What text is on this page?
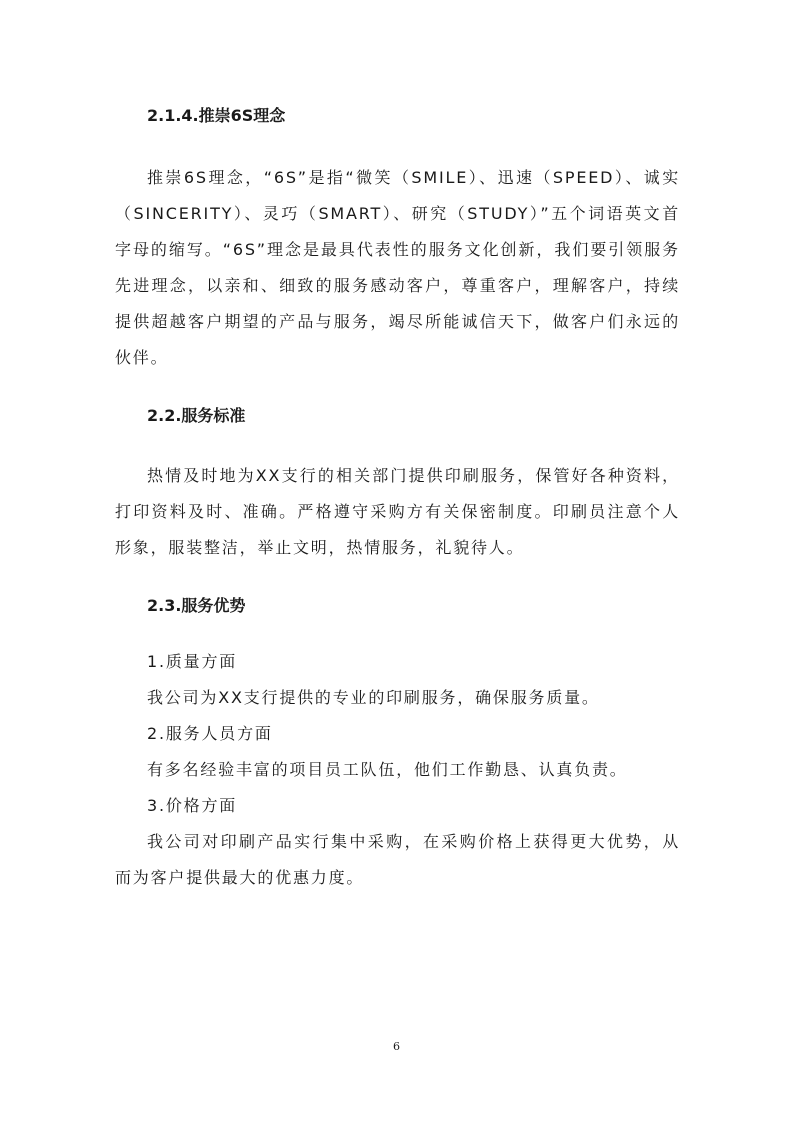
2.1.4.推崇6S理念

推崇6S理念，“6S”是指“微笑（SMILE）、迅速（SPEED）、诚实（SINCERITY）、灵巧（SMART）、研究（STUDY）”五个词语英文首字母的缩写。“6S”理念是最具代表性的服务文化创新，我们要引领服务先进理念，以亲和、细致的服务感动客户，尊重客户，理解客户，持续提供超越客户期望的产品与服务，竭尽所能诚信天下，做客户们永远的伙伴。

2.2.服务标准

热情及时地为XX支行的相关部门提供印刷服务，保管好各种资料，打印资料及时、准确。严格遵守采购方有关保密制度。印刷员注意个人形象，服装整洁，举止文明，热情服务，礼貌待人。

2.3.服务优势

1.质量方面

我公司为XX支行提供的专业的印刷服务，确保服务质量。

2.服务人员方面

有多名经验丰富的项目员工队伍，他们工作勤恳、认真负责。

3.价格方面

我公司对印刷产品实行集中采购，在采购价格上获得更大优势，从而为客户提供最大的优惠力度。

6
